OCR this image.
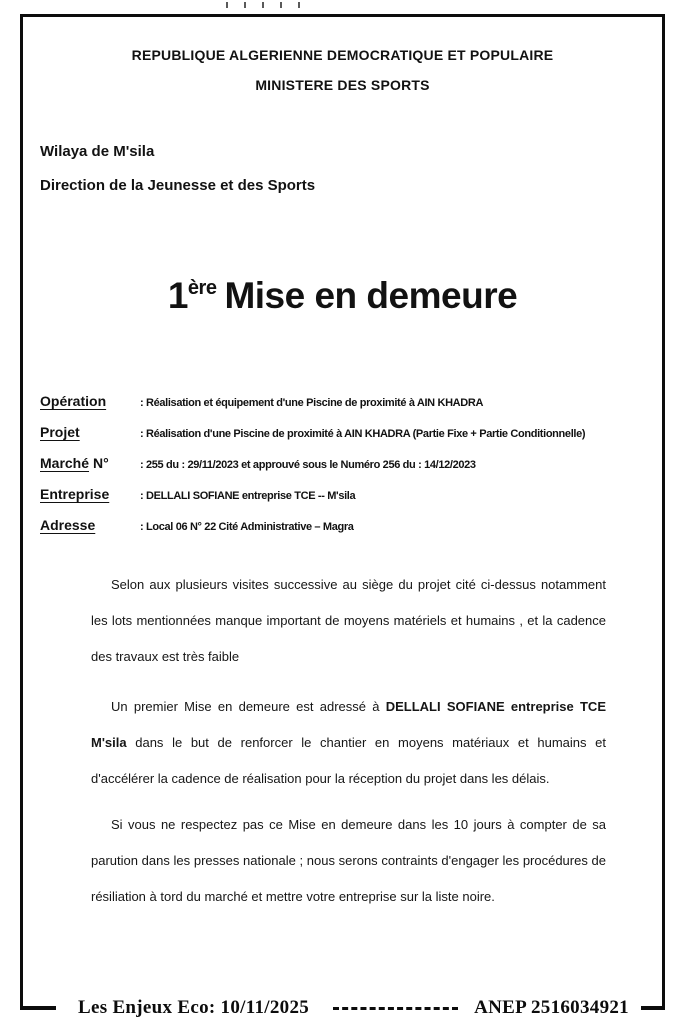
REPUBLIQUE ALGERIENNE DEMOCRATIQUE ET POPULAIRE
MINISTERE DES SPORTS
Wilaya de M'sila
Direction de la Jeunesse et des Sports
1ère Mise en demeure
Opération	: Réalisation et équipement d'une Piscine de proximité à AIN KHADRA
Projet	: Réalisation d'une Piscine de proximité à AIN KHADRA (Partie Fixe + Partie Conditionnelle)
Marché N°	: 255 du : 29/11/2023 et approuvé sous le Numéro 256 du : 14/12/2023
Entreprise	: DELLALI SOFIANE entreprise TCE -- M'sila
Adresse	: Local 06 N° 22 Cité Administrative – Magra

Selon aux plusieurs visites successive au siège du projet cité ci-dessus notamment les lots mentionnées manque important de moyens matériels et humains , et la cadence des travaux est très faible

Un premier Mise en demeure est adressé à DELLALI SOFIANE entreprise TCE M'sila dans le but de renforcer le chantier en moyens matériaux et humains et d'accélérer la cadence de réalisation pour la réception du projet dans les délais.

Si vous ne respectez pas ce Mise en demeure dans les 10 jours à compter de sa parution dans les presses nationale ; nous serons contraints d'engager les procédures de résiliation à tord du marché et mettre votre entreprise sur la liste noire.

Les Enjeux Eco: 10/11/2025	ANEP 2516034921
